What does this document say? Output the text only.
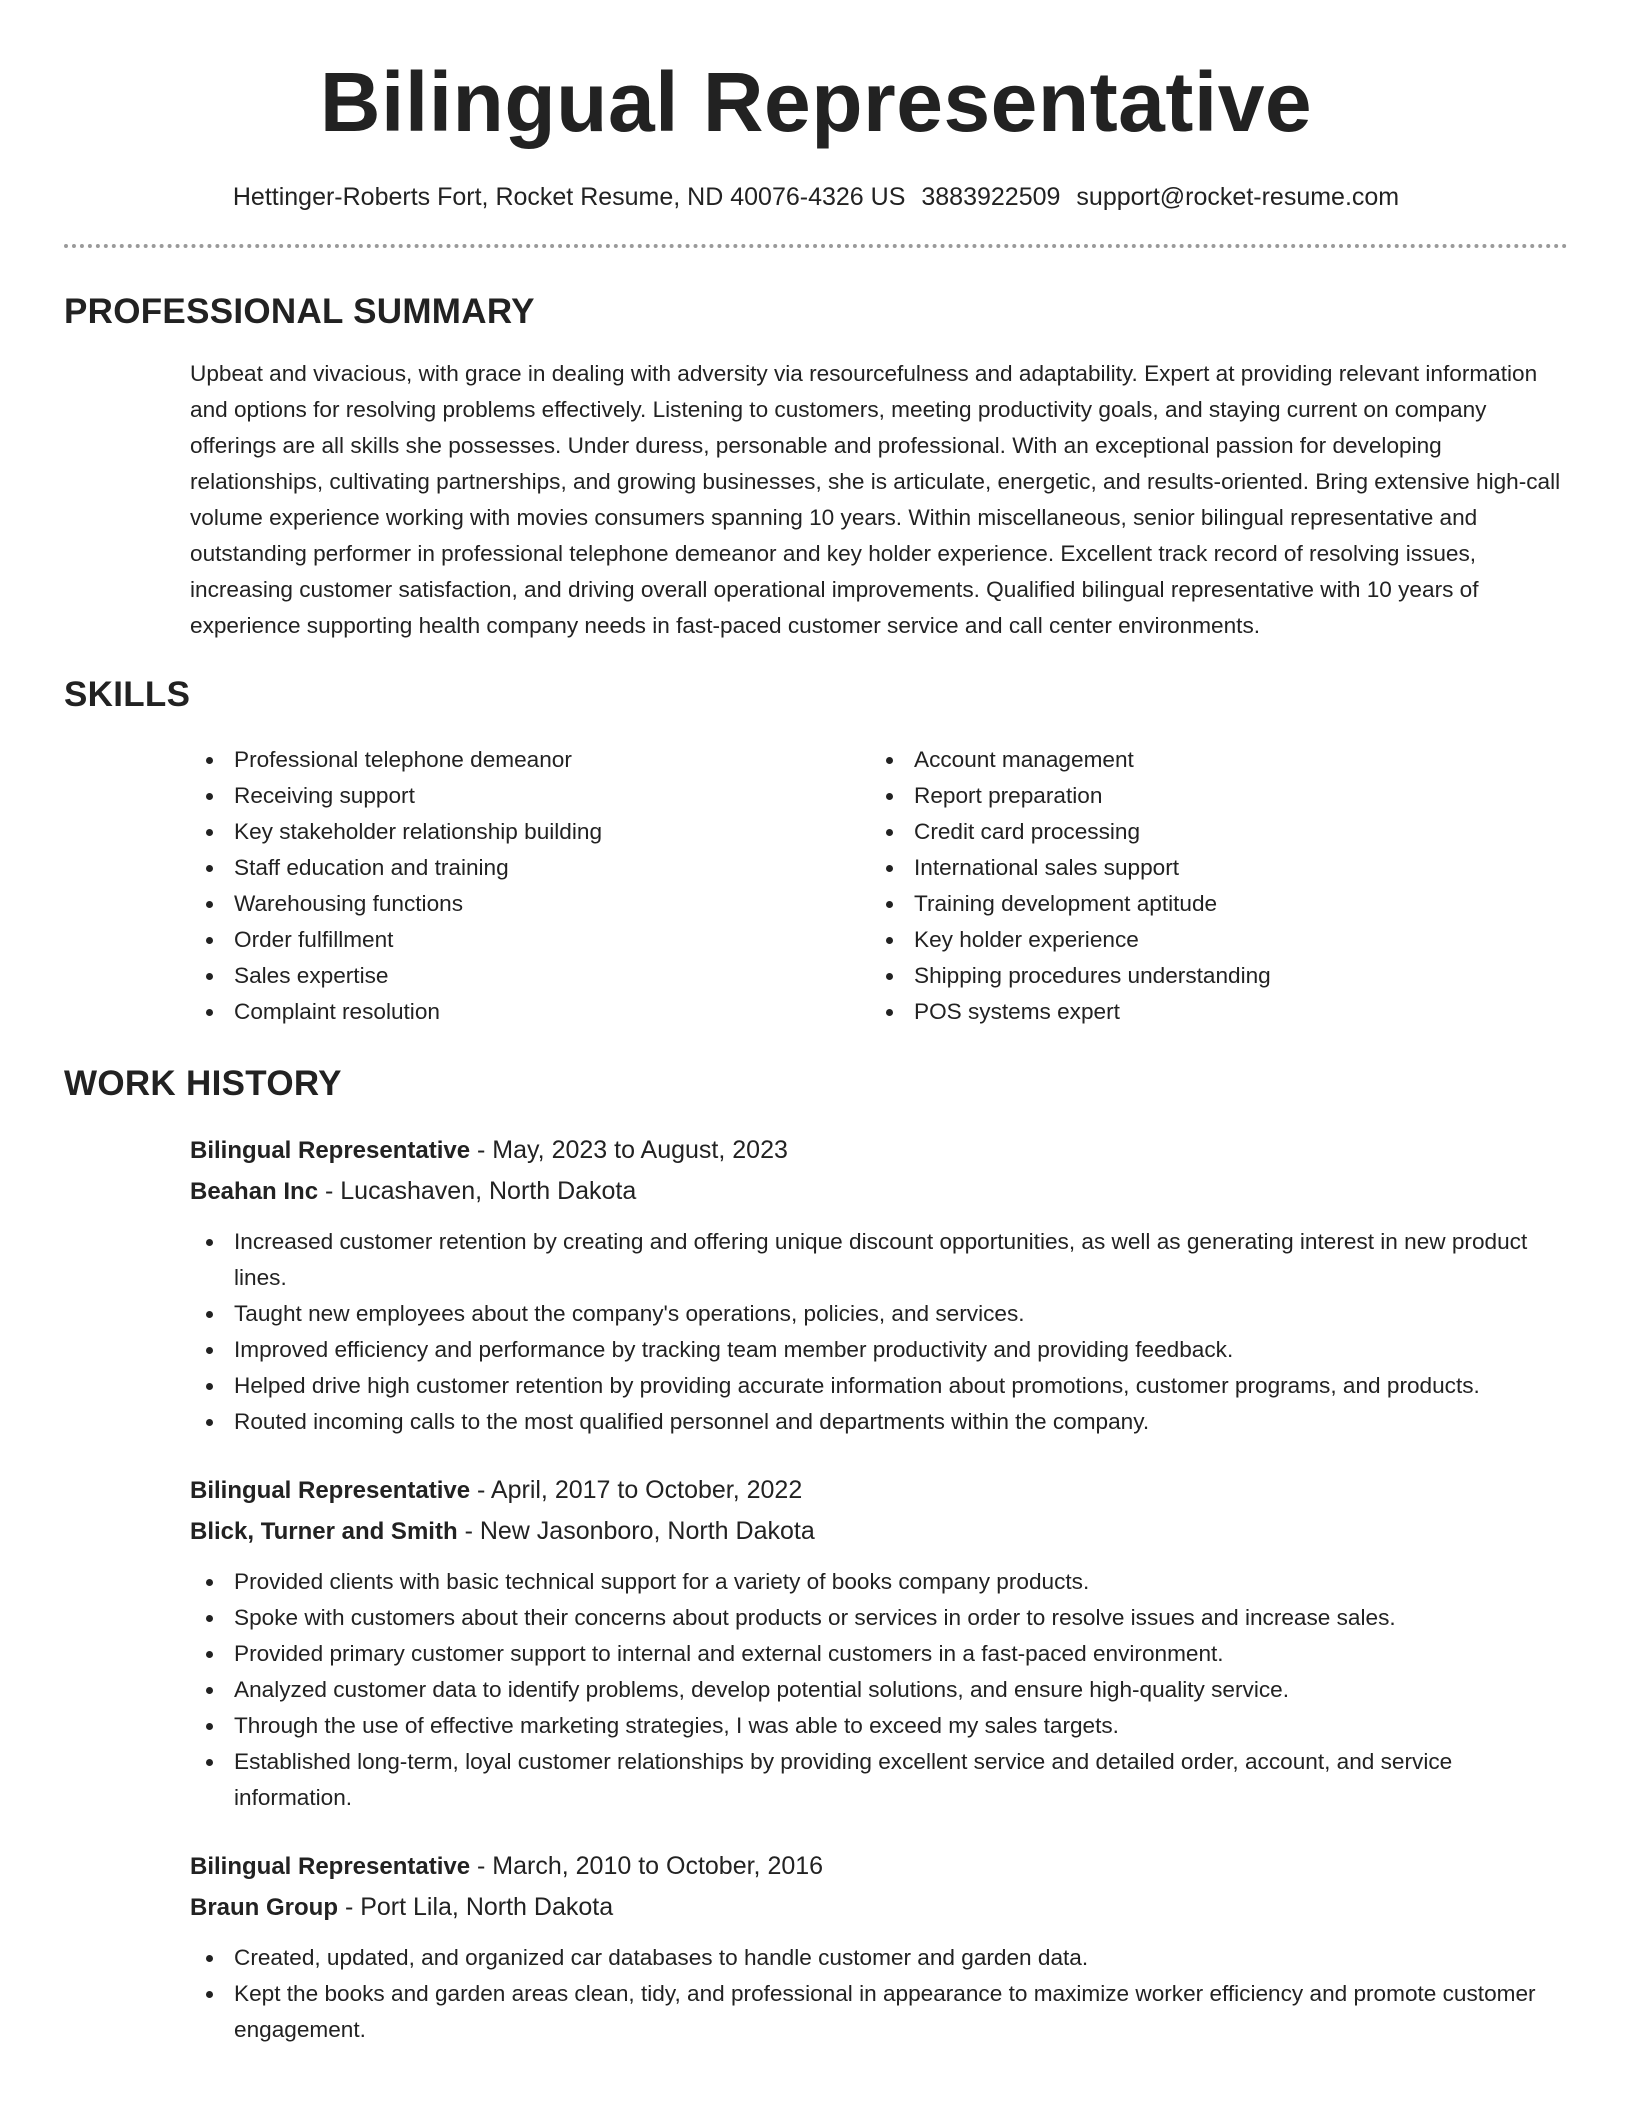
Bilingual Representative
Hettinger-Roberts Fort, Rocket Resume, ND 40076-4326 US 3883922509 support@rocket-resume.com
PROFESSIONAL SUMMARY

Upbeat and vivacious, with grace in dealing with adversity via resourcefulness and adaptability. Expert at providing relevant information and options for resolving problems effectively. Listening to customers, meeting productivity goals, and staying current on company offerings are all skills she possesses. Under duress, personable and professional. With an exceptional passion for developing relationships, cultivating partnerships, and growing businesses, she is articulate, energetic, and results-oriented. Bring extensive high-call volume experience working with movies consumers spanning 10 years. Within miscellaneous, senior bilingual representative and outstanding performer in professional telephone demeanor and key holder experience. Excellent track record of resolving issues, increasing customer satisfaction, and driving overall operational improvements. Qualified bilingual representative with 10 years of experience supporting health company needs in fast-paced customer service and call center environments.

SKILLS
Professional telephone demeanor
Receiving support
Key stakeholder relationship building
Staff education and training
Warehousing functions
Order fulfillment
Sales expertise
Complaint resolution
Account management
Report preparation
Credit card processing
International sales support
Training development aptitude
Key holder experience
Shipping procedures understanding
POS systems expert
WORK HISTORY
Bilingual Representative - May, 2023 to August, 2023
Beahan Inc - Lucashaven, North Dakota
Increased customer retention by creating and offering unique discount opportunities, as well as generating interest in new product lines.
Taught new employees about the company's operations, policies, and services.
Improved efficiency and performance by tracking team member productivity and providing feedback.
Helped drive high customer retention by providing accurate information about promotions, customer programs, and products.
Routed incoming calls to the most qualified personnel and departments within the company.
Bilingual Representative - April, 2017 to October, 2022
Blick, Turner and Smith - New Jasonboro, North Dakota
Provided clients with basic technical support for a variety of books company products.
Spoke with customers about their concerns about products or services in order to resolve issues and increase sales.
Provided primary customer support to internal and external customers in a fast-paced environment.
Analyzed customer data to identify problems, develop potential solutions, and ensure high-quality service.
Through the use of effective marketing strategies, I was able to exceed my sales targets.
Established long-term, loyal customer relationships by providing excellent service and detailed order, account, and service information.
Bilingual Representative - March, 2010 to October, 2016
Braun Group - Port Lila, North Dakota
Created, updated, and organized car databases to handle customer and garden data.
Kept the books and garden areas clean, tidy, and professional in appearance to maximize worker efficiency and promote customer engagement.
